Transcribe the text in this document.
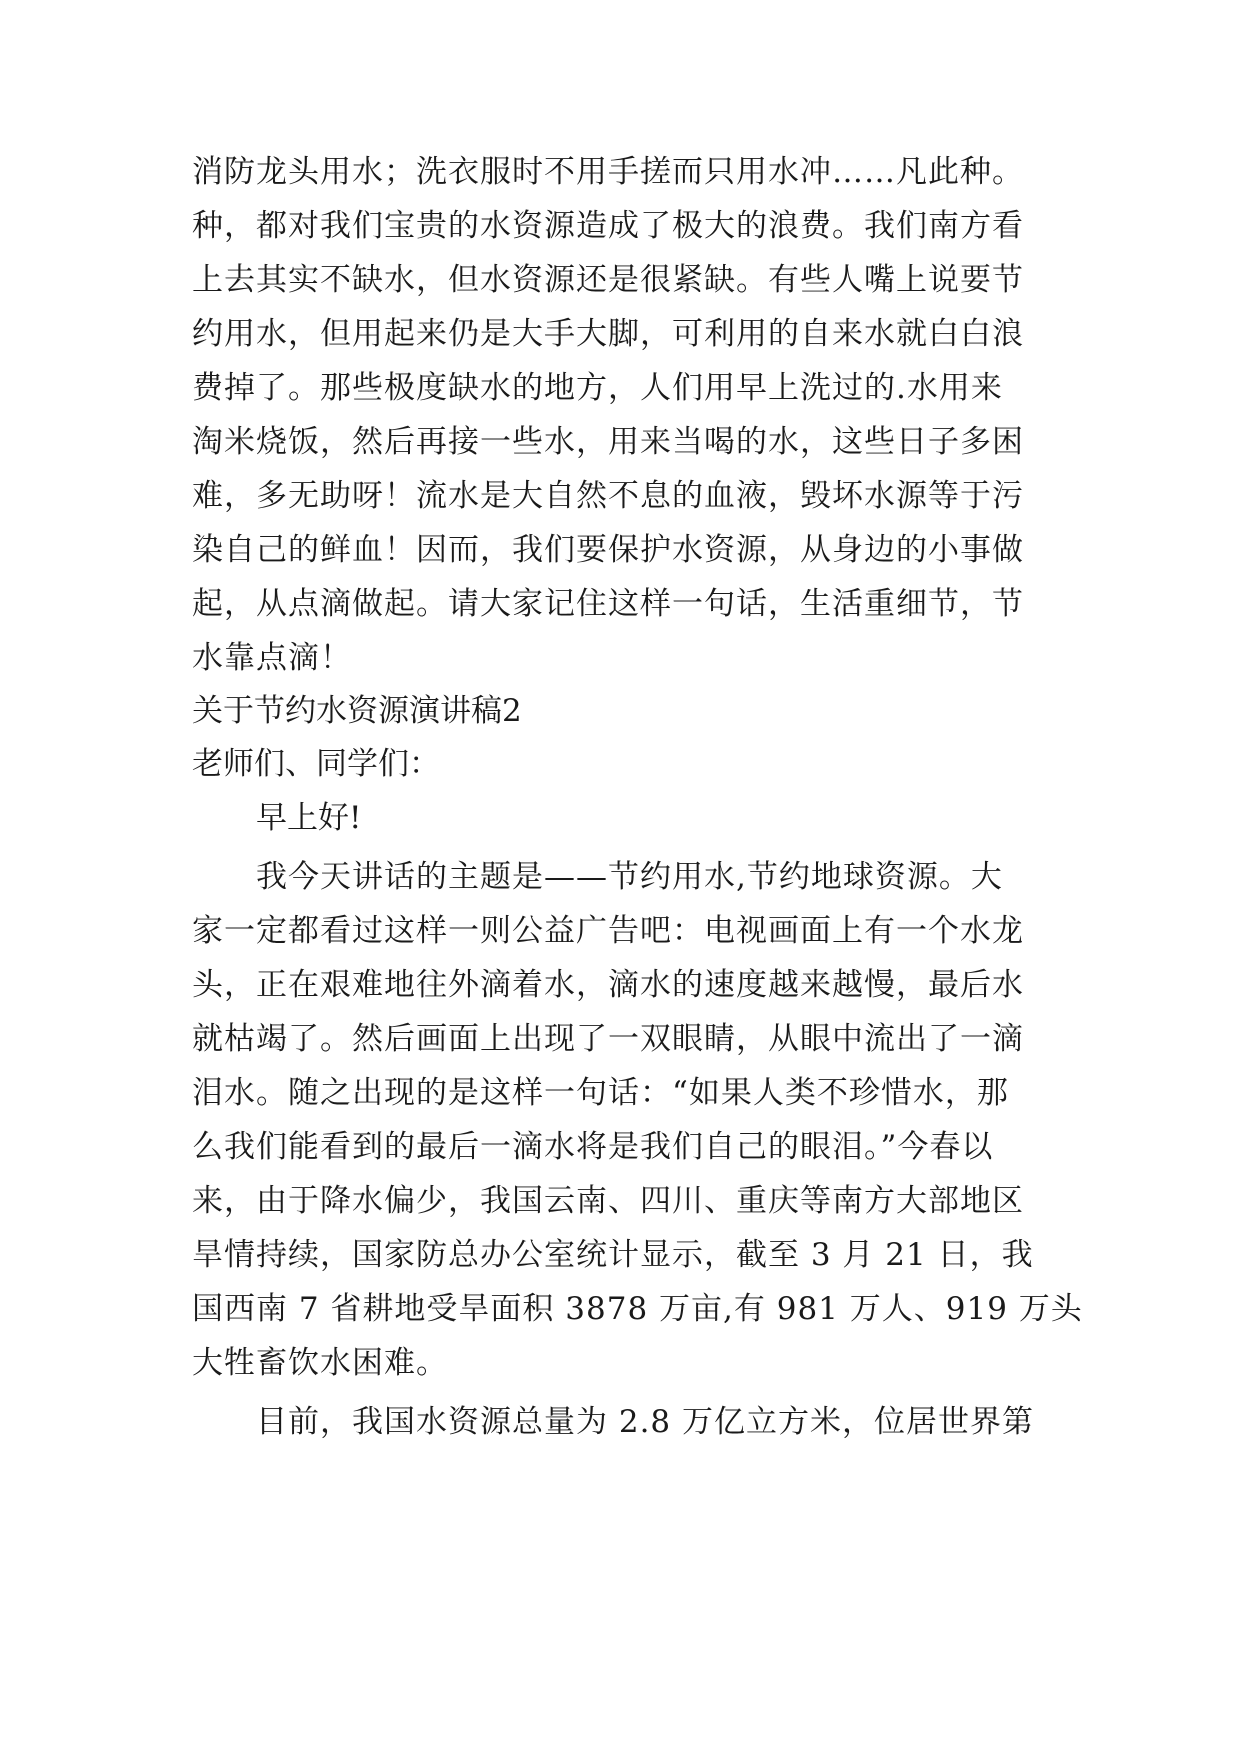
消防龙头用水；洗衣服时不用手搓而只用水冲……凡此种。
种，都对我们宝贵的水资源造成了极大的浪费。我们南方看
上去其实不缺水，但水资源还是很紧缺。有些人嘴上说要节
约用水，但用起来仍是大手大脚，可利用的自来水就白白浪
费掉了。那些极度缺水的地方，人们用早上洗过的.水用来
淘米烧饭，然后再接一些水，用来当喝的水，这些日子多困
难，多无助呀！流水是大自然不息的血液，毁坏水源等于污
染自己的鲜血！因而，我们要保护水资源，从身边的小事做
起，从点滴做起。请大家记住这样一句话，生活重细节，节
水靠点滴！
关于节约水资源演讲稿2
老师们、同学们：
早上好!
我今天讲话的主题是——节约用水,节约地球资源。大
家一定都看过这样一则公益广告吧：电视画面上有一个水龙
头，正在艰难地往外滴着水，滴水的速度越来越慢，最后水
就枯竭了。然后画面上出现了一双眼睛，从眼中流出了一滴
泪水。随之出现的是这样一句话：“如果人类不珍惜水，那
么我们能看到的最后一滴水将是我们自己的眼泪。”今春以
来，由于降水偏少，我国云南、四川、重庆等南方大部地区
旱情持续，国家防总办公室统计显示，截至 3 月 21 日，我
国西南 7 省耕地受旱面积 3878 万亩,有 981 万人、919 万头
大牲畜饮水困难。
目前，我国水资源总量为 2.8 万亿立方米，位居世界第
